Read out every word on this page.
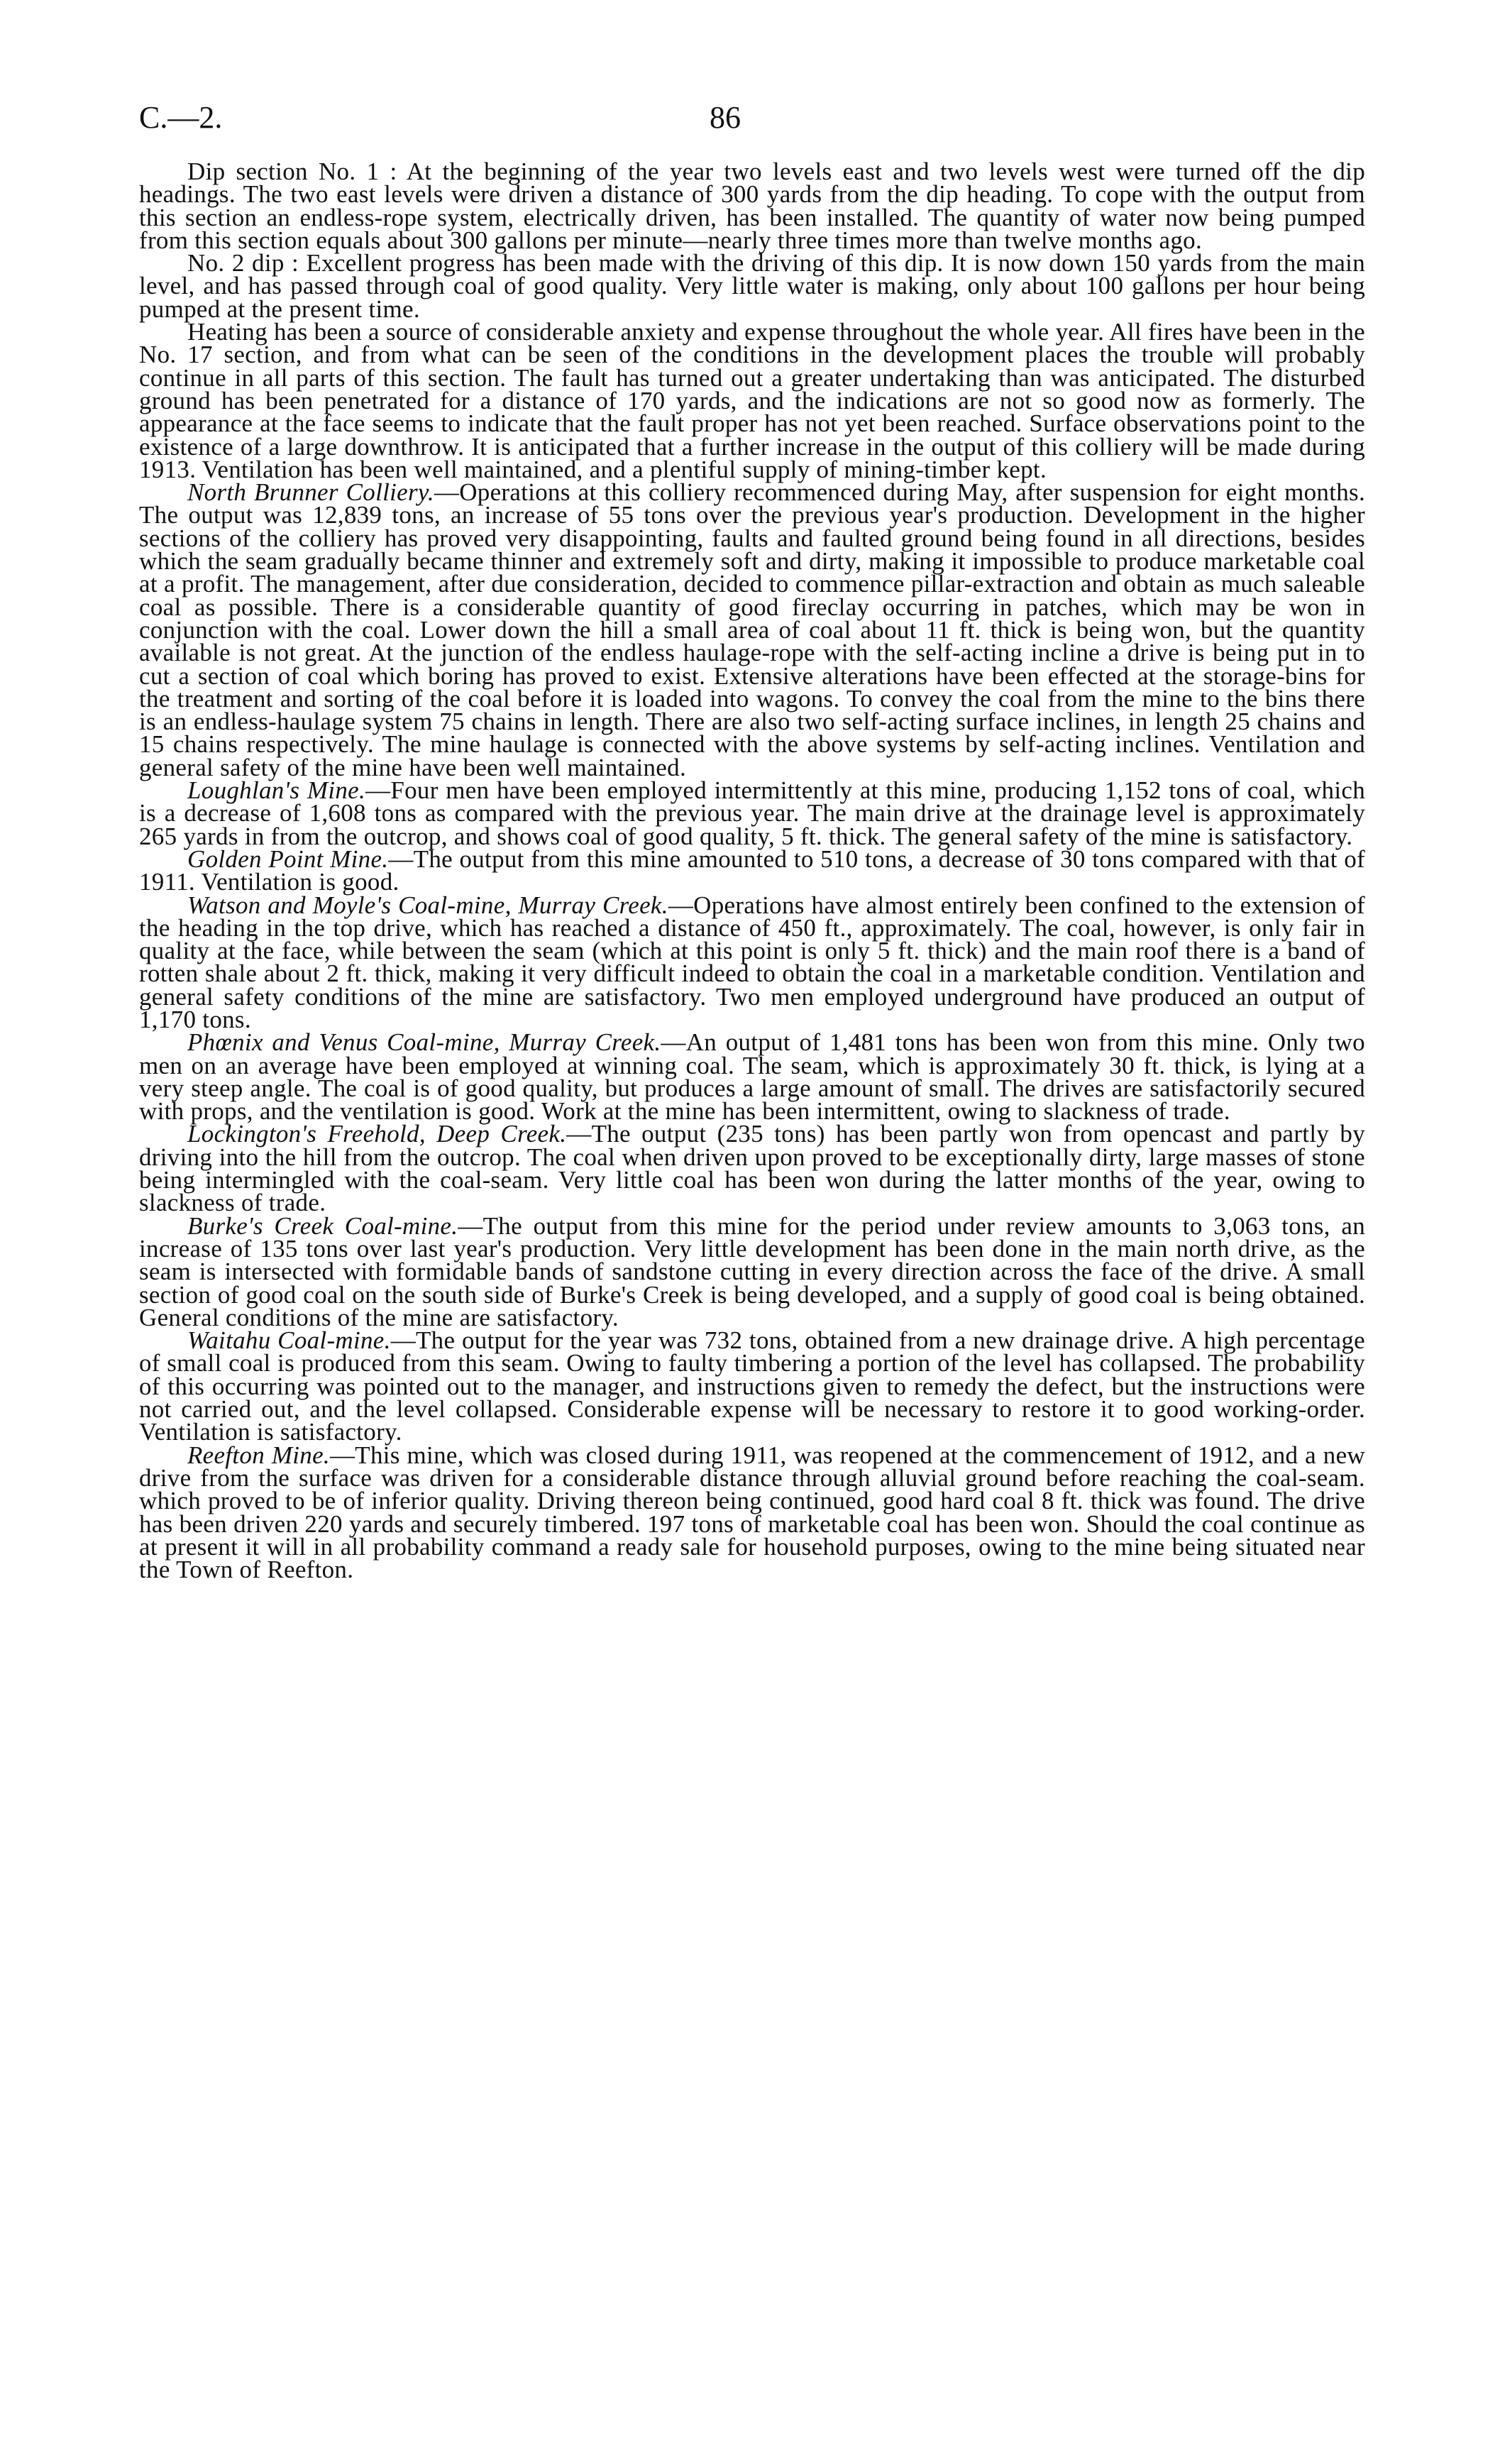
C.—2.	86

Dip section No. 1 : At the beginning of the year two levels east and two levels west were turned off the dip headings. The two east levels were driven a distance of 300 yards from the dip heading. To cope with the output from this section an endless-rope system, electrically driven, has been installed. The quantity of water now being pumped from this section equals about 300 gallons per minute—nearly three times more than twelve months ago.

No. 2 dip : Excellent progress has been made with the driving of this dip. It is now down 150 yards from the main level, and has passed through coal of good quality. Very little water is making, only about 100 gallons per hour being pumped at the present time.

Heating has been a source of considerable anxiety and expense throughout the whole year. All fires have been in the No. 17 section, and from what can be seen of the conditions in the development places the trouble will probably continue in all parts of this section. The fault has turned out a greater undertaking than was anticipated. The disturbed ground has been penetrated for a distance of 170 yards, and the indications are not so good now as formerly. The appearance at the face seems to indicate that the fault proper has not yet been reached. Surface observations point to the existence of a large downthrow. It is anticipated that a further increase in the output of this colliery will be made during 1913. Ventilation has been well maintained, and a plentiful supply of mining-timber kept.

North Brunner Colliery.—Operations at this colliery recommenced during May, after suspension for eight months. The output was 12,839 tons, an increase of 55 tons over the previous year's production. Development in the higher sections of the colliery has proved very disappointing, faults and faulted ground being found in all directions, besides which the seam gradually became thinner and extremely soft and dirty, making it impossible to produce marketable coal at a profit. The management, after due consideration, decided to commence pillar-extraction and obtain as much saleable coal as possible. There is a considerable quantity of good fireclay occurring in patches, which may be won in conjunction with the coal. Lower down the hill a small area of coal about 11 ft. thick is being won, but the quantity available is not great. At the junction of the endless haulage-rope with the self-acting incline a drive is being put in to cut a section of coal which boring has proved to exist. Extensive alterations have been effected at the storage-bins for the treatment and sorting of the coal before it is loaded into wagons. To convey the coal from the mine to the bins there is an endless-haulage system 75 chains in length. There are also two self-acting surface inclines, in length 25 chains and 15 chains respectively. The mine haulage is connected with the above systems by self-acting inclines. Ventilation and general safety of the mine have been well maintained.

Loughlan's Mine.—Four men have been employed intermittently at this mine, producing 1,152 tons of coal, which is a decrease of 1,608 tons as compared with the previous year. The main drive at the drainage level is approximately 265 yards in from the outcrop, and shows coal of good quality, 5 ft. thick. The general safety of the mine is satisfactory.

Golden Point Mine.—The output from this mine amounted to 510 tons, a decrease of 30 tons compared with that of 1911. Ventilation is good.

Watson and Moyle's Coal-mine, Murray Creek.—Operations have almost entirely been confined to the extension of the heading in the top drive, which has reached a distance of 450 ft., approximately. The coal, however, is only fair in quality at the face, while between the seam (which at this point is only 5 ft. thick) and the main roof there is a band of rotten shale about 2 ft. thick, making it very difficult indeed to obtain the coal in a marketable condition. Ventilation and general safety conditions of the mine are satisfactory. Two men employed underground have produced an output of 1,170 tons.

Phœnix and Venus Coal-mine, Murray Creek.—An output of 1,481 tons has been won from this mine. Only two men on an average have been employed at winning coal. The seam, which is approximately 30 ft. thick, is lying at a very steep angle. The coal is of good quality, but produces a large amount of small. The drives are satisfactorily secured with props, and the ventilation is good. Work at the mine has been intermittent, owing to slackness of trade.

Lockington's Freehold, Deep Creek.—The output (235 tons) has been partly won from opencast and partly by driving into the hill from the outcrop. The coal when driven upon proved to be exceptionally dirty, large masses of stone being intermingled with the coal-seam. Very little coal has been won during the latter months of the year, owing to slackness of trade.

Burke's Creek Coal-mine.—The output from this mine for the period under review amounts to 3,063 tons, an increase of 135 tons over last year's production. Very little development has been done in the main north drive, as the seam is intersected with formidable bands of sandstone cutting in every direction across the face of the drive. A small section of good coal on the south side of Burke's Creek is being developed, and a supply of good coal is being obtained. General conditions of the mine are satisfactory.

Waitahu Coal-mine.—The output for the year was 732 tons, obtained from a new drainage drive. A high percentage of small coal is produced from this seam. Owing to faulty timbering a portion of the level has collapsed. The probability of this occurring was pointed out to the manager, and instructions given to remedy the defect, but the instructions were not carried out, and the level collapsed. Considerable expense will be necessary to restore it to good working-order. Ventilation is satisfactory.

Reefton Mine.—This mine, which was closed during 1911, was reopened at the commencement of 1912, and a new drive from the surface was driven for a considerable distance through alluvial ground before reaching the coal-seam. which proved to be of inferior quality. Driving thereon being continued, good hard coal 8 ft. thick was found. The drive has been driven 220 yards and securely timbered. 197 tons of marketable coal has been won. Should the coal continue as at present it will in all probability command a ready sale for household purposes, owing to the mine being situated near the Town of Reefton.
